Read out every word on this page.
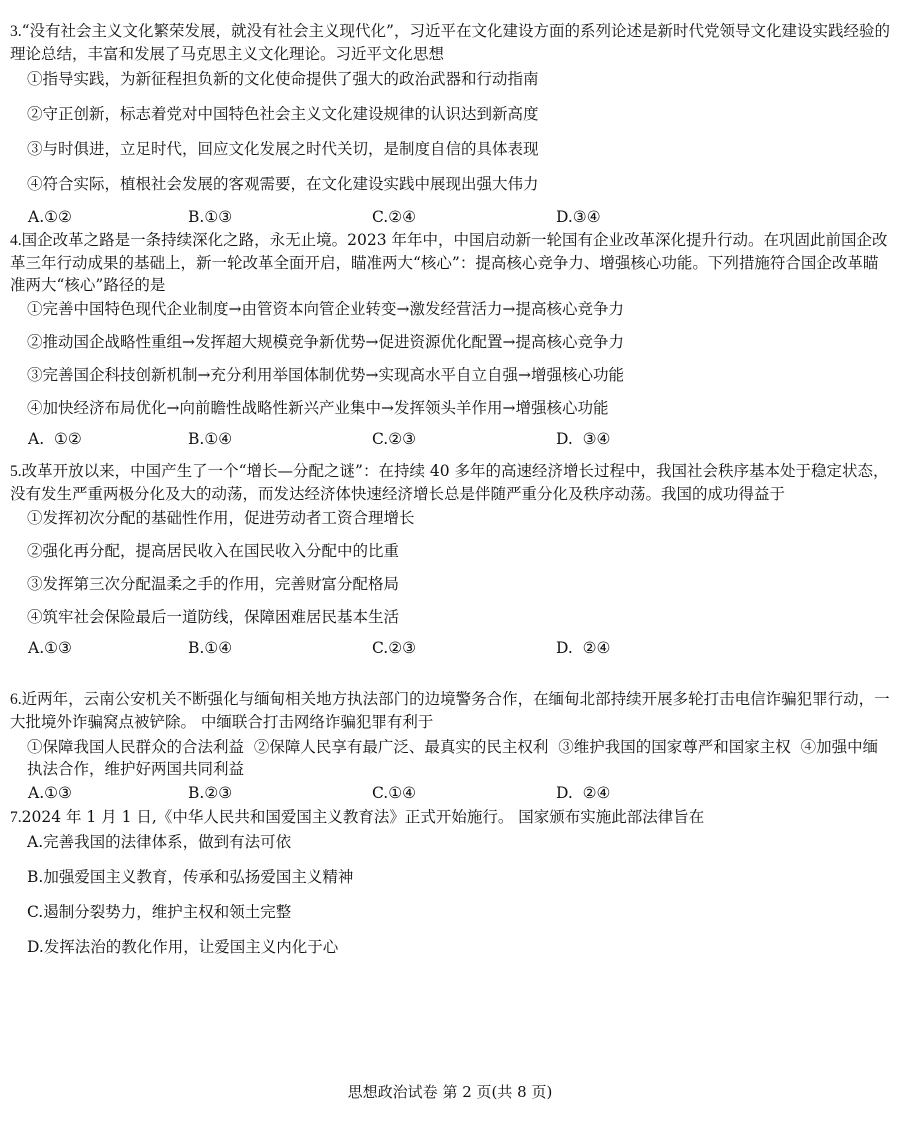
3.“没有社会主义文化繁荣发展，就没有社会主义现代化”，习近平在文化建设方面的系列论述是新时代党领导文化建设实践经验的理论总结，丰富和发展了马克思主义文化理论。习近平文化思想

①指导实践，为新征程担负新的文化使命提供了强大的政治武器和行动指南

②守正创新，标志着党对中国特色社会主义文化建设规律的认识达到新高度

③与时俱进，立足时代，回应文化发展之时代关切，是制度自信的具体表现

④符合实际，植根社会发展的客观需要，在文化建设实践中展现出强大伟力

A.①②	B.①③	C.②④	D.③④

4.国企改革之路是一条持续深化之路，永无止境。2023 年年中，中国启动新一轮国有企业改革深化提升行动。在巩固此前国企改革三年行动成果的基础上，新一轮改革全面开启，瞄准两大“核心”：提高核心竞争力、增强核心功能。下列措施符合国企改革瞄准两大“核心”路径的是

①完善中国特色现代企业制度→由管资本向管企业转变→激发经营活力→提高核心竞争力

②推动国企战略性重组→发挥超大规模竞争新优势→促进资源优化配置→提高核心竞争力

③完善国企科技创新机制→充分利用举国体制优势→实现高水平自立自强→增强核心功能

④加快经济布局优化→向前瞻性战略性新兴产业集中→发挥领头羊作用→增强核心功能

A.  ①②	B.①④	C.②③	D.  ③④

5.改革开放以来，中国产生了一个“增长—分配之谜”：在持续 40 多年的高速经济增长过程中，我国社会秩序基本处于稳定状态，没有发生严重两极分化及大的动荡，而发达经济体快速经济增长总是伴随严重分化及秩序动荡。我国的成功得益于

①发挥初次分配的基础性作用，促进劳动者工资合理增长

②强化再分配，提高居民收入在国民收入分配中的比重

③发挥第三次分配温柔之手的作用，完善财富分配格局

④筑牢社会保险最后一道防线，保障困难居民基本生活

A.①③	B.①④	C.②③	D.  ②④

6.近两年，云南公安机关不断强化与缅甸相关地方执法部门的边境警务合作，在缅甸北部持续开展多轮打击电信诈骗犯罪行动，一大批境外诈骗窝点被铲除。 中缅联合打击网络诈骗犯罪有利于

①保障我国人民群众的合法利益  ②保障人民享有最广泛、最真实的民主权利  ③维护我国的国家尊严和国家主权  ④加强中缅执法合作，维护好两国共同利益

A.①③	B.②③	C.①④	D.  ②④

7.2024 年 1 月 1 日,《中华人民共和国爱国主义教育法》正式开始施行。 国家颁布实施此部法律旨在

A.完善我国的法律体系，做到有法可依

B.加强爱国主义教育，传承和弘扬爱国主义精神

C.遏制分裂势力，维护主权和领土完整

D.发挥法治的教化作用，让爱国主义内化于心

思想政治试卷 第 2 页(共 8 页)
